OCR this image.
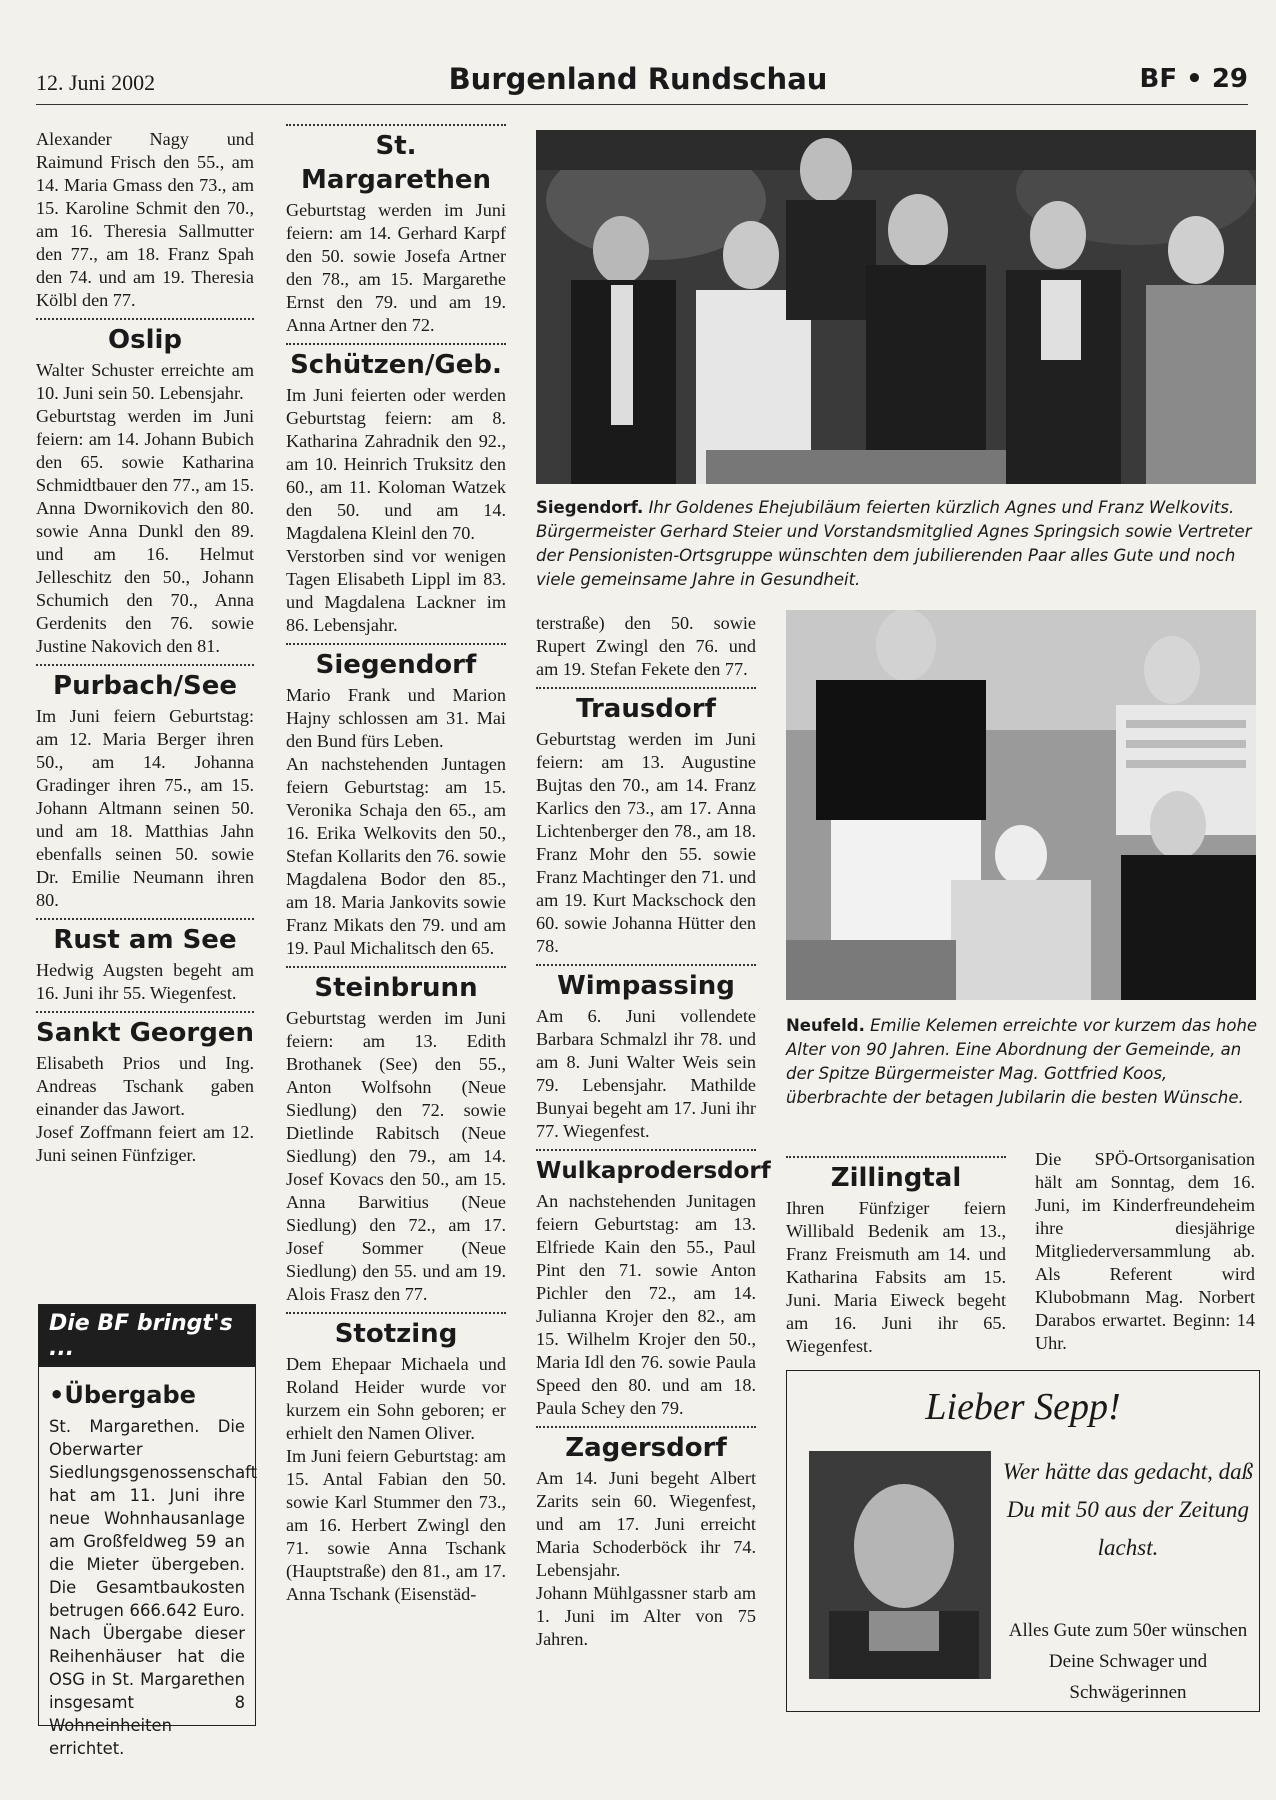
12. Juni 2002	Burgenland Rundschau	BF • 29

Alexander Nagy und Raimund Frisch den 55., am 14. Maria Gmass den 73., am 15. Karoline Schmit den 70., am 16. Theresia Sallmutter den 77., am 18. Franz Spah den 74. und am 19. Theresia Kölbl den 77.

Oslip

Walter Schuster erreichte am 10. Juni sein 50. Lebensjahr.

Geburtstag werden im Juni feiern: am 14. Johann Bubich den 65. sowie Katharina Schmidtbauer den 77., am 15. Anna Dwornikovich den 80. sowie Anna Dunkl den 89. und am 16. Helmut Jelleschitz den 50., Johann Schumich den 70., Anna Gerdenits den 76. sowie Justine Nakovich den 81.

Purbach/See

Im Juni feiern Geburtstag: am 12. Maria Berger ihren 50., am 14. Johanna Gradinger ihren 75., am 15. Johann Altmann seinen 50. und am 18. Matthias Jahn ebenfalls seinen 50. sowie Dr. Emilie Neumann ihren 80.

Rust am See

Hedwig Augsten begeht am 16. Juni ihr 55. Wiegenfest.

Sankt Georgen

Elisabeth Prios und Ing. Andreas Tschank gaben einander das Jawort.

Josef Zoffmann feiert am 12. Juni seinen Fünfziger.

Die BF bringt's ...
•Übergabe
St. Margarethen. Die Oberwarter Siedlungsgenossenschaft hat am 11. Juni ihre neue Wohnhausanlage am Großfeldweg 59 an die Mieter übergeben. Die Gesamtbaukosten betrugen 666.642 Euro. Nach Übergabe dieser Reihenhäuser hat die OSG in St. Margarethen insgesamt 8 Wohneinheiten errichtet.
St. Margarethen

Geburtstag werden im Juni feiern: am 14. Gerhard Karpf den 50. sowie Josefa Artner den 78., am 15. Margarethe Ernst den 79. und am 19. Anna Artner den 72.

Schützen/Geb.

Im Juni feierten oder werden Geburtstag feiern: am 8. Katharina Zahradnik den 92., am 10. Heinrich Truksitz den 60., am 11. Koloman Watzek den 50. und am 14. Magdalena Kleinl den 70.

Verstorben sind vor wenigen Tagen Elisabeth Lippl im 83. und Magdalena Lackner im 86. Lebensjahr.

Siegendorf

Mario Frank und Marion Hajny schlossen am 31. Mai den Bund fürs Leben.

An nachstehenden Juntagen feiern Geburtstag: am 15. Veronika Schaja den 65., am 16. Erika Welkovits den 50., Stefan Kollarits den 76. sowie Magdalena Bodor den 85., am 18. Maria Jankovits sowie Franz Mikats den 79. und am 19. Paul Michalitsch den 65.

Steinbrunn

Geburtstag werden im Juni feiern: am 13. Edith Brothanek (See) den 55., Anton Wolfsohn (Neue Siedlung) den 72. sowie Dietlinde Rabitsch (Neue Siedlung) den 79., am 14. Josef Kovacs den 50., am 15. Anna Barwitius (Neue Siedlung) den 72., am 17. Josef Sommer (Neue Siedlung) den 55. und am 19. Alois Frasz den 77.

Stotzing

Dem Ehepaar Michaela und Roland Heider wurde vor kurzem ein Sohn geboren; er erhielt den Namen Oliver.

Im Juni feiern Geburtstag: am 15. Antal Fabian den 50. sowie Karl Stummer den 73., am 16. Herbert Zwingl den 71. sowie Anna Tschank (Hauptstraße) den 81., am 17. Anna Tschank (Eisenstäd-

Siegendorf. Ihr Goldenes Ehejubiläum feierten kürzlich Agnes und Franz Welkovits. Bürgermeister Gerhard Steier und Vorstandsmitglied Agnes Springsich sowie Vertreter der Pensionisten-Ortsgruppe wünschten dem jubilierenden Paar alles Gute und noch viele gemeinsame Jahre in Gesundheit.

terstraße) den 50. sowie Rupert Zwingl den 76. und am 19. Stefan Fekete den 77.

Trausdorf

Geburtstag werden im Juni feiern: am 13. Augustine Bujtas den 70., am 14. Franz Karlics den 73., am 17. Anna Lichtenberger den 78., am 18. Franz Mohr den 55. sowie Franz Machtinger den 71. und am 19. Kurt Mackschock den 60. sowie Johanna Hütter den 78.

Wimpassing

Am 6. Juni vollendete Barbara Schmalzl ihr 78. und am 8. Juni Walter Weis sein 79. Lebensjahr. Mathilde Bunyai begeht am 17. Juni ihr 77. Wiegenfest.

Wulkaprodersdorf

An nachstehenden Junitagen feiern Geburtstag: am 13. Elfriede Kain den 55., Paul Pint den 71. sowie Anton Pichler den 72., am 14. Julianna Krojer den 82., am 15. Wilhelm Krojer den 50., Maria Idl den 76. sowie Paula Speed den 80. und am 18. Paula Schey den 79.

Zagersdorf

Am 14. Juni begeht Albert Zarits sein 60. Wiegenfest, und am 17. Juni erreicht Maria Schoderböck ihr 74. Lebensjahr.

Johann Mühlgassner starb am 1. Juni im Alter von 75 Jahren.

Neufeld. Emilie Kelemen erreichte vor kurzem das hohe Alter von 90 Jahren. Eine Abordnung der Gemeinde, an der Spitze Bürgermeister Mag. Gottfried Koos, überbrachte der betagen Jubilarin die besten Wünsche.
Zillingtal

Ihren Fünfziger feiern Willibald Bedenik am 13., Franz Freismuth am 14. und Katharina Fabsits am 15. Juni. Maria Eiweck begeht am 16. Juni ihr 65. Wiegenfest.

Die SPÖ-Ortsorganisation hält am Sonntag, dem 16. Juni, im Kinderfreundeheim ihre diesjährige Mitgliederversammlung ab. Als Referent wird Klubobmann Mag. Norbert Darabos erwartet. Beginn: 14 Uhr.

Lieber Sepp!
Wer hätte das gedacht, daß Du mit 50 aus der Zeitung lachst.
Alles Gute zum 50er wünschen Deine Schwager und Schwägerinnen
